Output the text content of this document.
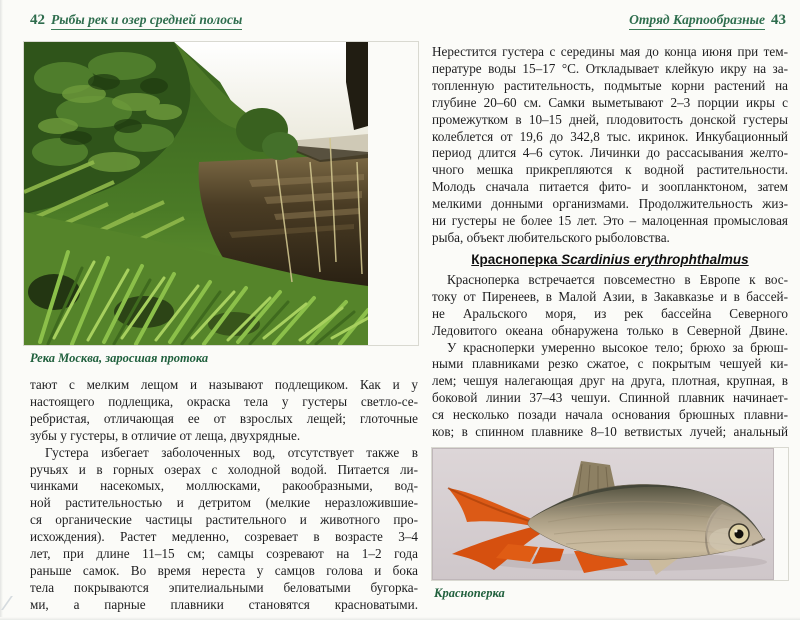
42 Рыбы рек и озер средней полосы	Отряд Карпообразные 43
Река Москва, заросшая протока
тают с мелким лещом и называют подлещиком. Как и у
настоящего подлещика, окраска тела у густеры светло-се-
ребристая, отличающая ее от взрослых лещей; глоточные
зубы у густеры, в отличие от леща, двухрядные.
Густера избегает заболоченных вод, отсутствует также в
ручьях и в горных озерах с холодной водой. Питается ли-
чинками насекомых, моллюсками, ракообразными, вод-
ной растительностью и детритом (мелкие неразложившие-
ся органические частицы растительного и животного про-
исхождения). Растет медленно, созревает в возрасте 3–4
лет, при длине 11–15 см; самцы созревают на 1–2 года
раньше самок. Во время нереста у самцов голова и бока
тела покрываются эпителиальными беловатыми бугорка-
ми, а парные плавники становятся красноватыми.
Нерестится густера с середины мая до конца июня при тем-
пературе воды 15–17 °С. Откладывает клейкую икру на за-
топленную растительность, подмытые корни растений на
глубине 20–60 см. Самки выметывают 2–3 порции икры с
промежутком в 10–15 дней, плодовитость донской густеры
колеблется от 19,6 до 342,8 тыс. икринок. Инкубационный
период длится 4–6 суток. Личинки до рассасывания желто-
чного мешка прикрепляются к водной растительности.
Молодь сначала питается фито- и зоопланктоном, затем
мелкими донными организмами. Продолжительность жиз-
ни густеры не более 15 лет. Это – малоценная промысловая
рыба, объект любительского рыболовства.
Красноперка Scardinius erythrophthalmus
Красноперка встречается повсеместно в Европе к вос-
току от Пиренеев, в Малой Азии, в Закавказье и в бассей-
не Аральского моря, из рек бассейна Северного
Ледовитого океана обнаружена только в Северной Двине.
У красноперки умеренно высокое тело; брюхо за брюш-
ными плавниками резко сжатое, с покрытым чешуей ки-
лем; чешуя налегающая друг на друга, плотная, крупная, в
боковой линии 37–43 чешуи. Спинной плавник начинает-
ся несколько позади начала основания брюшных плавни-
ков; в спинном плавнике 8–10 ветвистых лучей; анальный
Красноперка
